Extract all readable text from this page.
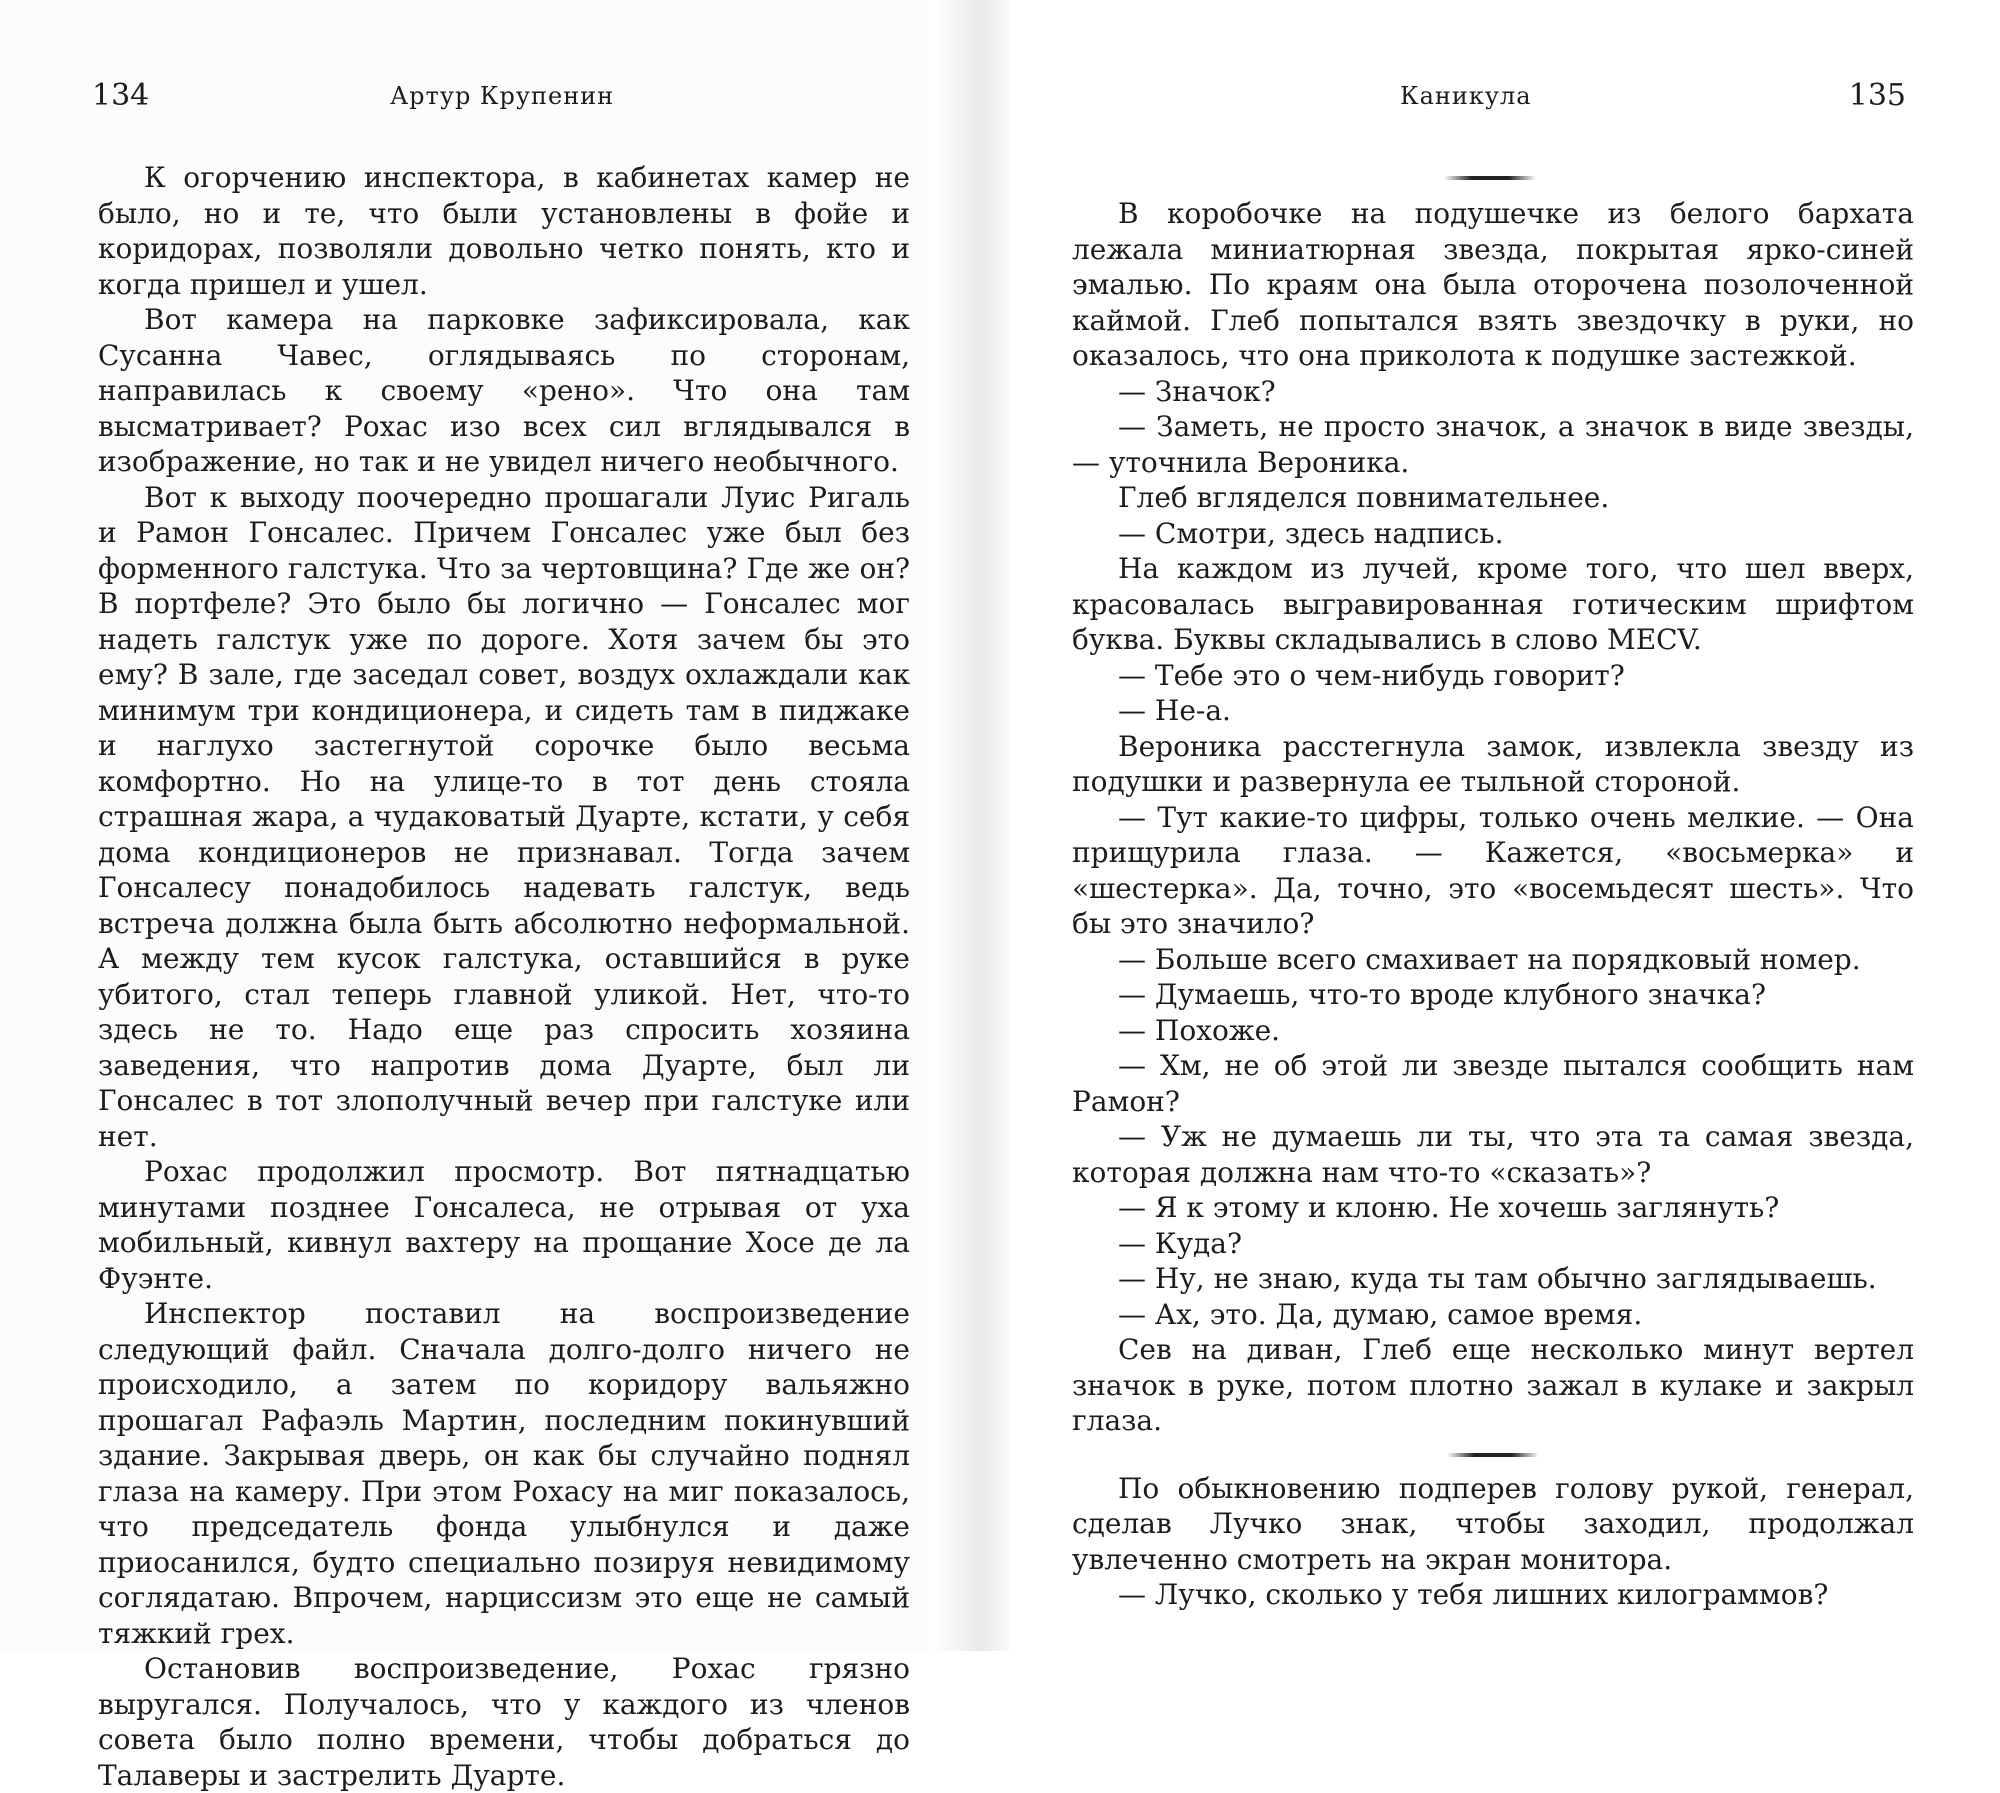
134	Артур Крупенин

К огорчению инспектора, в кабинетах камер не было, но и те, что были установлены в фойе и коридорах, позволяли довольно четко понять, кто и когда пришел и ушел.

Вот камера на парковке зафиксировала, как Сусанна Чавес, оглядываясь по сторонам, направилась к своему «рено». Что она там высматривает? Рохас изо всех сил вглядывался в изображение, но так и не увидел ничего необычного.

Вот к выходу поочередно прошагали Луис Ригаль и Рамон Гонсалес. Причем Гонсалес уже был без форменного галстука. Что за чертовщина? Где же он? В портфеле? Это было бы логично — Гонсалес мог надеть галстук уже по дороге. Хотя зачем бы это ему? В зале, где заседал совет, воздух охлаждали как минимум три кондиционера, и сидеть там в пиджаке и наглухо застегнутой сорочке было весьма комфортно. Но на улице-то в тот день стояла страшная жара, а чудаковатый Дуарте, кстати, у себя дома кондиционеров не признавал. Тогда зачем Гонсалесу понадобилось надевать галстук, ведь встреча должна была быть абсолютно неформальной. А между тем кусок галстука, оставшийся в руке убитого, стал теперь главной уликой. Нет, что-то здесь не то. Надо еще раз спросить хозяина заведения, что напротив дома Дуарте, был ли Гонсалес в тот злополучный вечер при галстуке или нет.

Рохас продолжил просмотр. Вот пятнадцатью минутами позднее Гонсалеса, не отрывая от уха мобильный, кивнул вахтеру на прощание Хосе де ла Фуэнте.

Инспектор поставил на воспроизведение следующий файл. Сначала долго-долго ничего не происходило, а затем по коридору вальяжно прошагал Рафаэль Мартин, последним покинувший здание. Закрывая дверь, он как бы случайно поднял глаза на камеру. При этом Рохасу на миг показалось, что председатель фонда улыбнулся и даже приосанился, будто специально позируя невидимому соглядатаю. Впрочем, нарциссизм это еще не самый тяжкий грех.

Остановив воспроизведение, Рохас грязно выругался. Получалось, что у каждого из членов совета было полно времени, чтобы добраться до Талаверы и застрелить Дуарте.

Каникула	135

В коробочке на подушечке из белого бархата лежала миниатюрная звезда, покрытая ярко-синей эмалью. По краям она была оторочена позолоченной каймой. Глеб попытался взять звездочку в руки, но оказалось, что она приколота к подушке застежкой.

— Значок?

— Заметь, не просто значок, а значок в виде звезды, — уточнила Вероника.

Глеб вгляделся повнимательнее.

— Смотри, здесь надпись.

На каждом из лучей, кроме того, что шел вверх, красовалась выгравированная готическим шрифтом буква. Буквы складывались в слово MECV.

— Тебе это о чем-нибудь говорит?

— Не-а.

Вероника расстегнула замок, извлекла звезду из подушки и развернула ее тыльной стороной.

— Тут какие-то цифры, только очень мелкие. — Она прищурила глаза. — Кажется, «восьмерка» и «шестерка». Да, точно, это «восемьдесят шесть». Что бы это значило?

— Больше всего смахивает на порядковый номер.

— Думаешь, что-то вроде клубного значка?

— Похоже.

— Хм, не об этой ли звезде пытался сообщить нам Рамон?

— Уж не думаешь ли ты, что эта та самая звезда, которая должна нам что-то «сказать»?

— Я к этому и клоню. Не хочешь заглянуть?

— Куда?

— Ну, не знаю, куда ты там обычно заглядываешь.

— Ах, это. Да, думаю, самое время.

Сев на диван, Глеб еще несколько минут вертел значок в руке, потом плотно зажал в кулаке и закрыл глаза.

По обыкновению подперев голову рукой, генерал, сделав Лучко знак, чтобы заходил, продолжал увлеченно смотреть на экран монитора.

— Лучко, сколько у тебя лишних килограммов?
